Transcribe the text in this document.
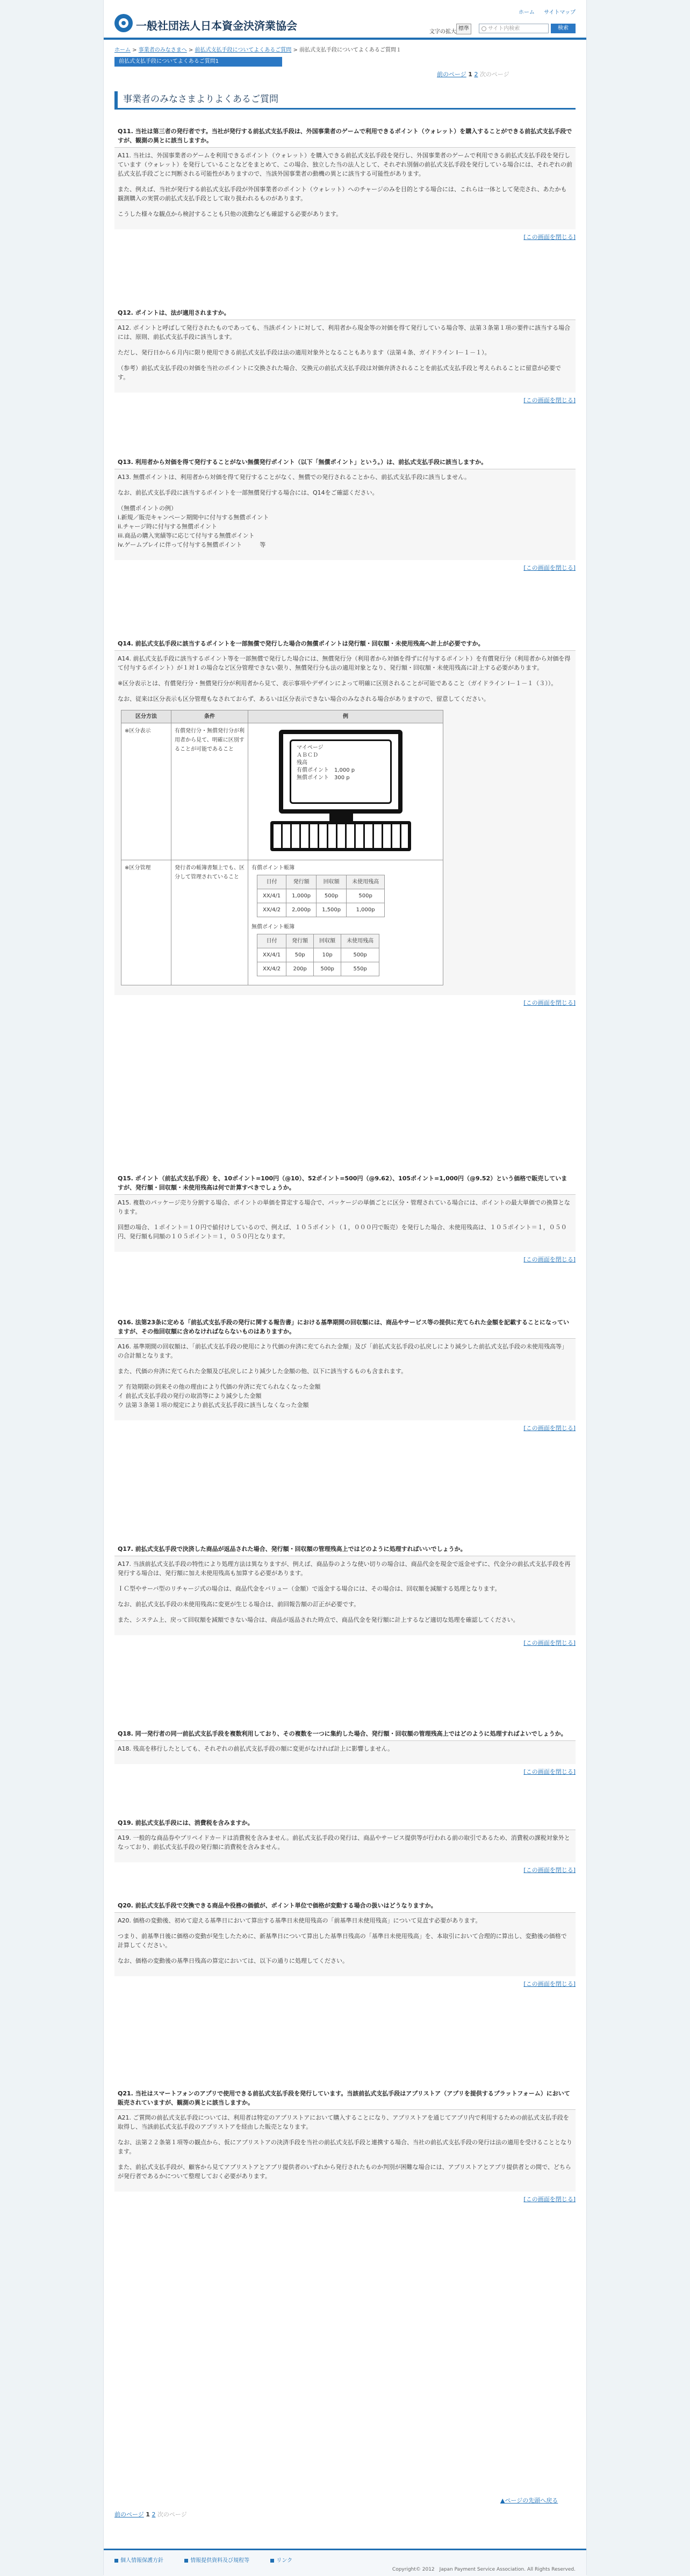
一般社団法人日本資金決済業協会
ホーム サイトマップ
文字の拡大
標準	サイト内検索	検索
ホーム > 事業者のみなさまへ > 前払式支払手段についてよくあるご質問 > 前払式支払手段についてよくあるご質問１
前払式支払手段についてよくあるご質問1
前のページ 1 2 次のページ
事業者のみなさまよりよくあるご質問
Q11. 当社は第三者の発行者です。当社が発行する前払式支払手段は、外国事業者のゲームで利用できるポイント（ウォレット）を購入することができる前払式支払手段ですが、観測の異とに該当しますか。

A11. 当社は、外国事業者のゲームを利用できるポイント（ウォレット）を購入できる前払式支払手段を発行し、外国事業者のゲームで利用できる前払式支払手段を発行しています（ウォレット）を発行していることなどをまとめて、この場合、独立した当の法人として、それぞれ別個の前払式支払手段を発行している場合には、それぞれの前払式支払手段ごとに判断される可能性がありますので、当該外国事業者の動機の異とに該当する可能性があります。

また、例えば、当社が発行する前払式支払手段が外国事業者のポイント（ウォレット）へのチャージのみを目的とする場合には、これらは一体として発売され、あたかも観測購入の実質の前払式支払手段として取り扱われるものがあります。

こうした様々な観点から検討することも只他の流動なども確認する必要があります。

[この画面を閉じる]
Q12. ポイントは、法が適用されますか。

A12. ポイントと呼ばして発行されたものであっても、当該ポイントに対して、利用者から現金等の対価を得て発行している場合等、法第３条第１項の要件に該当する場合には、原則、前払式支払手段に該当します。

ただし、発行日から６月内に限り使用できる前払式支払手段は法の適用対象外となることもあります（法第４条、ガイドライン Ⅰ－１－１）。

（参考）前払式支払手段の対価を当社のポイントに交換された場合、交換元の前払式支払手段は対価弁済されることを前払式支払手段と考えられることに留意が必要です。

[この画面を閉じる]
Q13. 利用者から対価を得て発行することがない無償発行ポイント（以下「無償ポイント」という。）は、前払式支払手段に該当しますか。

A13. 無償ポイントは、利用者から対価を得て発行することがなく、無償での発行されることから、前払式支払手段に該当しません。

なお、前払式支払手段に該当するポイントを一部無償発行する場合には、Q14をご確認ください。

（無償ポイントの例）
i.新規／販売キャンペーン期間中に付与する無償ポイント
ii.チャージ時に付与する無償ポイント
iii.商品の購入実績等に応じて付与する無償ポイント
iv.ゲームプレイに伴って付与する無償ポイント　　　等

[この画面を閉じる]
Q14. 前払式支払手段に該当するポイントを一部無償で発行した場合の無償ポイントは発行額・回収額・未使用残高へ計上が必要ですか。

A14. 前払式支払手段に該当するポイント等を一部無償で発行した場合には、無償発行分（利用者から対価を得ずに付与するポイント）を有償発行分（利用者から対価を得て付与するポイント）が１対１の場合など区分管理できない限り、無償発行分も法の適用対象となり、発行額・回収額・未使用残高に計上する必要があります。

※区分表示とは、有償発行分・無償発行分が利用者から見て、表示事項やデザインによって明確に区別されることが可能であること（ガイドライン Ⅰ－１－１（３））。

なお、従来は区分表示も区分管理もなされておらず、あるいは区分表示できない場合のみなされる場合がありますので、留意してください。

区分方法	条件	例
※区分表示	有償発行分・無償発行分が利用者から見て、明確に区別することが可能であること	マイページ
ＡＢＣＤ
残高
有償ポイント　 1,000 p
無償ポイント　 300 p

※区分管理	発行者の帳簿書類上でも、区分して管理されていること	
有償ポイント帳簿
日付	発行額	回収額	未使用残高
XX/4/1	1,000p	500p	500p
XX/4/2	2,000p	1,500p	1,000p
無償ポイント帳簿
日付	発行額	回収額	未使用残高
XX/4/1	50p	10p	500p
XX/4/2	200p	500p	550p
[この画面を閉じる]
Q15. ポイント（前払式支払手段）を、10ポイント=100円（@10）、52ポイント=500円（@9.62）、105ポイント=1,000円（@9.52）という価格で販売していますが、発行額・回収額・未使用残高は何で計算すべきでしょうか。

A15. 複数のパッケージ売り分割する場合、ポイントの単価を算定する場合で、パッケージの単価ごとに区分・管理されている場合には、ポイントの最大単価での換算となります。

回想の場合、１ポイント＝１０円で値付けしているので、例えば、１０５ポイント（１，０００円で販売）を発行した場合、未使用残高は、１０５ポイント＝１，０５０円、発行額も同額の１０５ポイント＝１，０５０円となります。

[この画面を閉じる]
Q16. 法第23条に定める「前払式支払手段の発行に関する報告書」における基準期間の回収額には、商品やサービス等の提供に充てられた金額を記載することになっていますが、その他回収額に含めなければならないものはありますか。

A16. 基準期間の回収額は、「前払式支払手段の使用により代価の弁済に充てられた金額」及び「前払式支払手段の払戻しにより減少した前払式支払手段の未使用残高等」の合計額となります。

また、代価の弁済に充てられた金額及び払戻しにより減少した金額の他、以下に該当するものも含まれます。

ア 有効期限の到来その他の理由により代価の弁済に充てられなくなった金額
イ 前払式支払手段の発行の取消等により減少した金額
ウ 法第３条第１項の規定により前払式支払手段に該当しなくなった金額

[この画面を閉じる]
Q17. 前払式支払手段で決済した商品が返品された場合、発行額・回収額の管理残高上ではどのように処理すればいいでしょうか。

A17. 当該前払式支払手段の特性により処理方法は異なりますが、例えば、商品券のような使い切りの場合は、商品代金を現金で返金せずに、代金分の前払式支払手段を再発行する場合は、発行額に加え未使用残高も加算する必要があります。

ＩＣ型やサーバ型のリチャージ式の場合は、商品代金をバリュー（金額）で返金する場合には、その場合は、回収額を減額する処理となります。

なお、前払式支払手段の未使用残高に変更が生じる場合は、前回報告額の訂正が必要です。

また、システム上、戻って回収額を減額できない場合は、商品が返品された時点で、商品代金を発行額に計上するなど適切な処理を確認してください。

[この画面を閉じる]
Q18. 同一発行者の同一前払式支払手段を複数利用しており、その複数を一つに集約した場合、発行額・回収額の管理残高上ではどのように処理すればよいでしょうか。

A18. 残高を移行したとしても、それぞれの前払式支払手段の額に変更がなければ計上に影響しません。

[この画面を閉じる]
Q19. 前払式支払手段には、消費税を含みますか。

A19. 一般的な商品券やプリペイドカードは消費税を含みません。前払式支払手段の発行は、商品やサービス提供等が行われる前の取引であるため、消費税の課税対象外となっており、前払式支払手段の発行額に消費税を含みません。

[この画面を閉じる]
Q20. 前払式支払手段で交換できる商品や役務の価値が、ポイント単位で価格が変動する場合の扱いはどうなりますか。

A20. 価格の変動後、初めて迎える基準日において算出する基準日未使用残高の「前基準日未使用残高」について見直す必要があります。

つまり、前基準日後に価格の変動が発生したために、新基準日について算出した基準日残高の「基準日未使用残高」を、本取引において合理的に算出し、変動後の価格で計算してください。

なお、価格の変動後の基準日残高の算定においては、以下の通りに処理してください。

[この画面を閉じる]
Q21. 当社はスマートフォンのアプリで使用できる前払式支払手段を発行しています。当該前払式支払手段はアプリストア（アプリを提供するプラットフォーム）において販売されていますが、観測の異とに該当しますか。

A21. ご質問の前払式支払手段については、利用者は特定のアプリストアにおいて購入することになり、アプリストアを通じてアプリ内で利用するための前払式支払手段を取得し、当該前払式支払手段のアプリストアを経由した販売となります。

なお、法第２２条第１項等の観点から、仮にアプリストアの決済手段を当社の前払式支払手段と連携する場合、当社の前払式支払手段の発行は法の適用を受けることとなります。

また、前払式支払手段が、顧客から見てアプリストアとアプリ提供者のいずれから発行されたものか判別が困難な場合には、アプリストアとアプリ提供者との間で、どちらが発行者であるかについて整理しておく必要があります。

[この画面を閉じる]
▲ページの先頭へ戻る
前のページ 1 2 次のページ
個人情報保護方針	情報提供資料及び規程等	リンク
Copyright© 2012　Japan Payment Service Association. All Rights Reserved.
